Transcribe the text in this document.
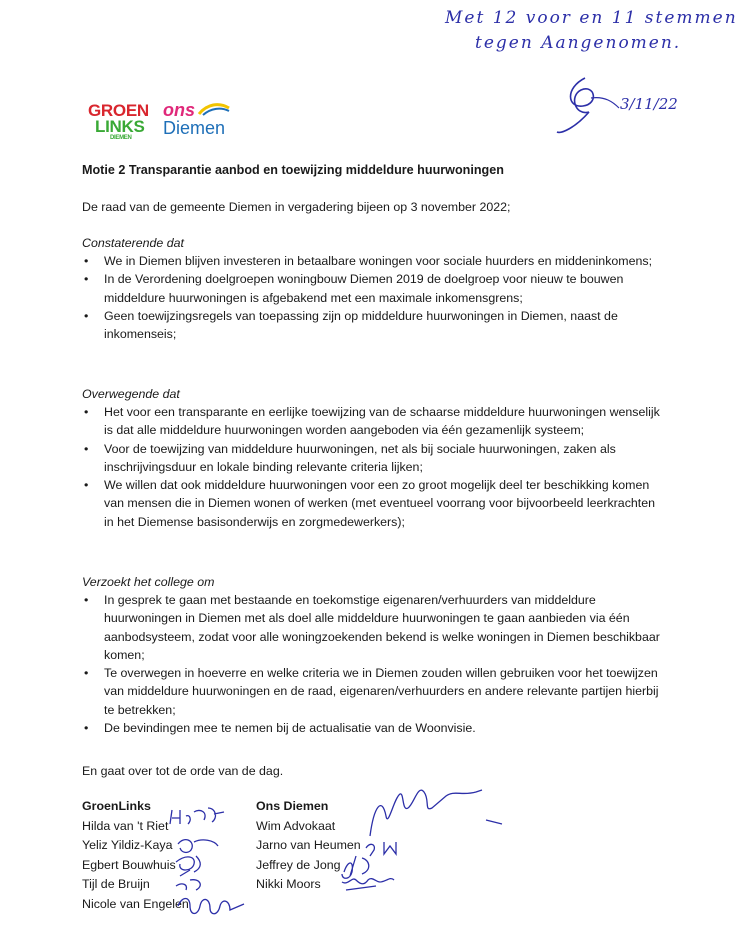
Met 12 voor en 11 stemmen
tegen Aangenomen.
3/11/22
GROEN
LINKS
DIEMEN
ons
Diemen
Motie 2 Transparantie aanbod en toewijzing middeldure huurwoningen
De raad van de gemeente Diemen in vergadering bijeen op 3 november 2022;
Constaterende dat
• We in Diemen blijven investeren in betaalbare woningen voor sociale huurders en middeninkomens;
• In de Verordening doelgroepen woningbouw Diemen 2019 de doelgroep voor nieuw te bouwen middeldure huurwoningen is afgebakend met een maximale inkomensgrens;
• Geen toewijzingsregels van toepassing zijn op middeldure huurwoningen in Diemen, naast de inkomenseis;
Overwegende dat
• Het voor een transparante en eerlijke toewijzing van de schaarse middeldure huurwoningen wenselijk is dat alle middeldure huurwoningen worden aangeboden via één gezamenlijk systeem;
• Voor de toewijzing van middeldure huurwoningen, net als bij sociale huurwoningen, zaken als inschrijvingsduur en lokale binding relevante criteria lijken;
• We willen dat ook middeldure huurwoningen voor een zo groot mogelijk deel ter beschikking komen van mensen die in Diemen wonen of werken (met eventueel voorrang voor bijvoorbeeld leerkrachten in het Diemense basisonderwijs en zorgmedewerkers);
Verzoekt het college om
• In gesprek te gaan met bestaande en toekomstige eigenaren/verhuurders van middeldure huurwoningen in Diemen met als doel alle middeldure huurwoningen te gaan aanbieden via één aanbodsysteem, zodat voor alle woningzoekenden bekend is welke woningen in Diemen beschikbaar komen;
• Te overwegen in hoeverre en welke criteria we in Diemen zouden willen gebruiken voor het toewijzen van middeldure huurwoningen en de raad, eigenaren/verhuurders en andere relevante partijen hierbij te betrekken;
• De bevindingen mee te nemen bij de actualisatie van de Woonvisie.
En gaat over tot de orde van de dag.
GroenLinks
Hilda van 't Riet
Yeliz Yildiz-Kaya
Egbert Bouwhuis
Tijl de Bruijn
Nicole van Engelen
Ons Diemen
Wim Advokaat
Jarno van Heumen
Jeffrey de Jong
Nikki Moors
